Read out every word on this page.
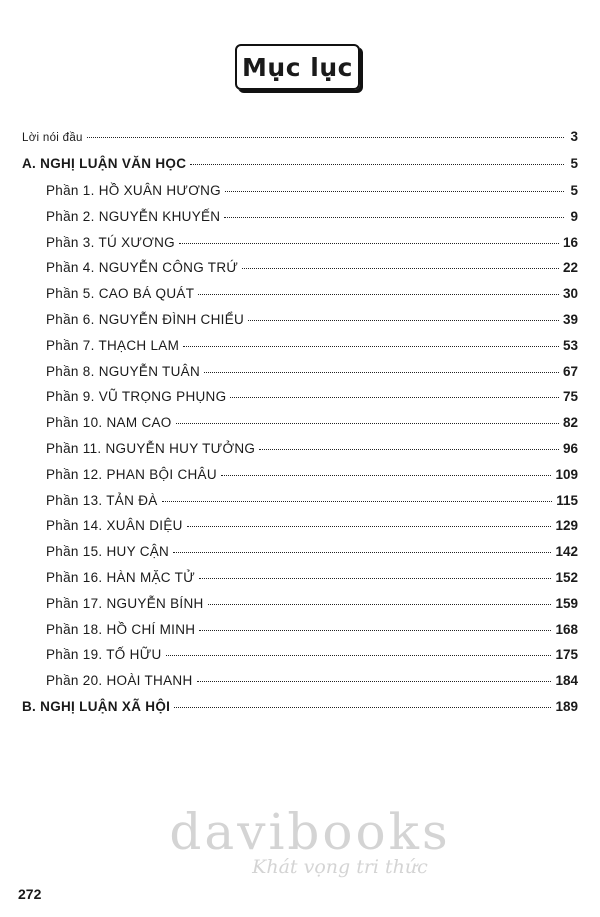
Mục lục
Lời nói đầu	3
A. NGHỊ LUẬN VĂN HỌC	5
Phần 1. HỒ XUÂN HƯƠNG	5
Phần 2. NGUYỄN KHUYẾN	9
Phần 3. TÚ XƯƠNG	16
Phần 4. NGUYỄN CÔNG TRỨ	22
Phần 5. CAO BÁ QUÁT	30
Phần 6. NGUYỄN ĐÌNH CHIỂU	39
Phần 7. THẠCH LAM	53
Phần 8. NGUYỄN TUÂN	67
Phần 9. VŨ TRỌNG PHỤNG	75
Phần 10. NAM CAO	82
Phần 11. NGUYỄN HUY TƯỞNG	96
Phần 12. PHAN BỘI CHÂU	109
Phần 13. TẢN ĐÀ	115
Phần 14. XUÂN DIỆU	129
Phần 15. HUY CẬN	142
Phần 16. HÀN MẶC TỬ	152
Phần 17. NGUYỄN BÍNH	159
Phần 18. HỒ CHÍ MINH	168
Phần 19. TỐ HỮU	175
Phần 20. HOÀI THANH	184
B. NGHỊ LUẬN XÃ HỘI	189
davibooks
Khát vọng tri thức
272
